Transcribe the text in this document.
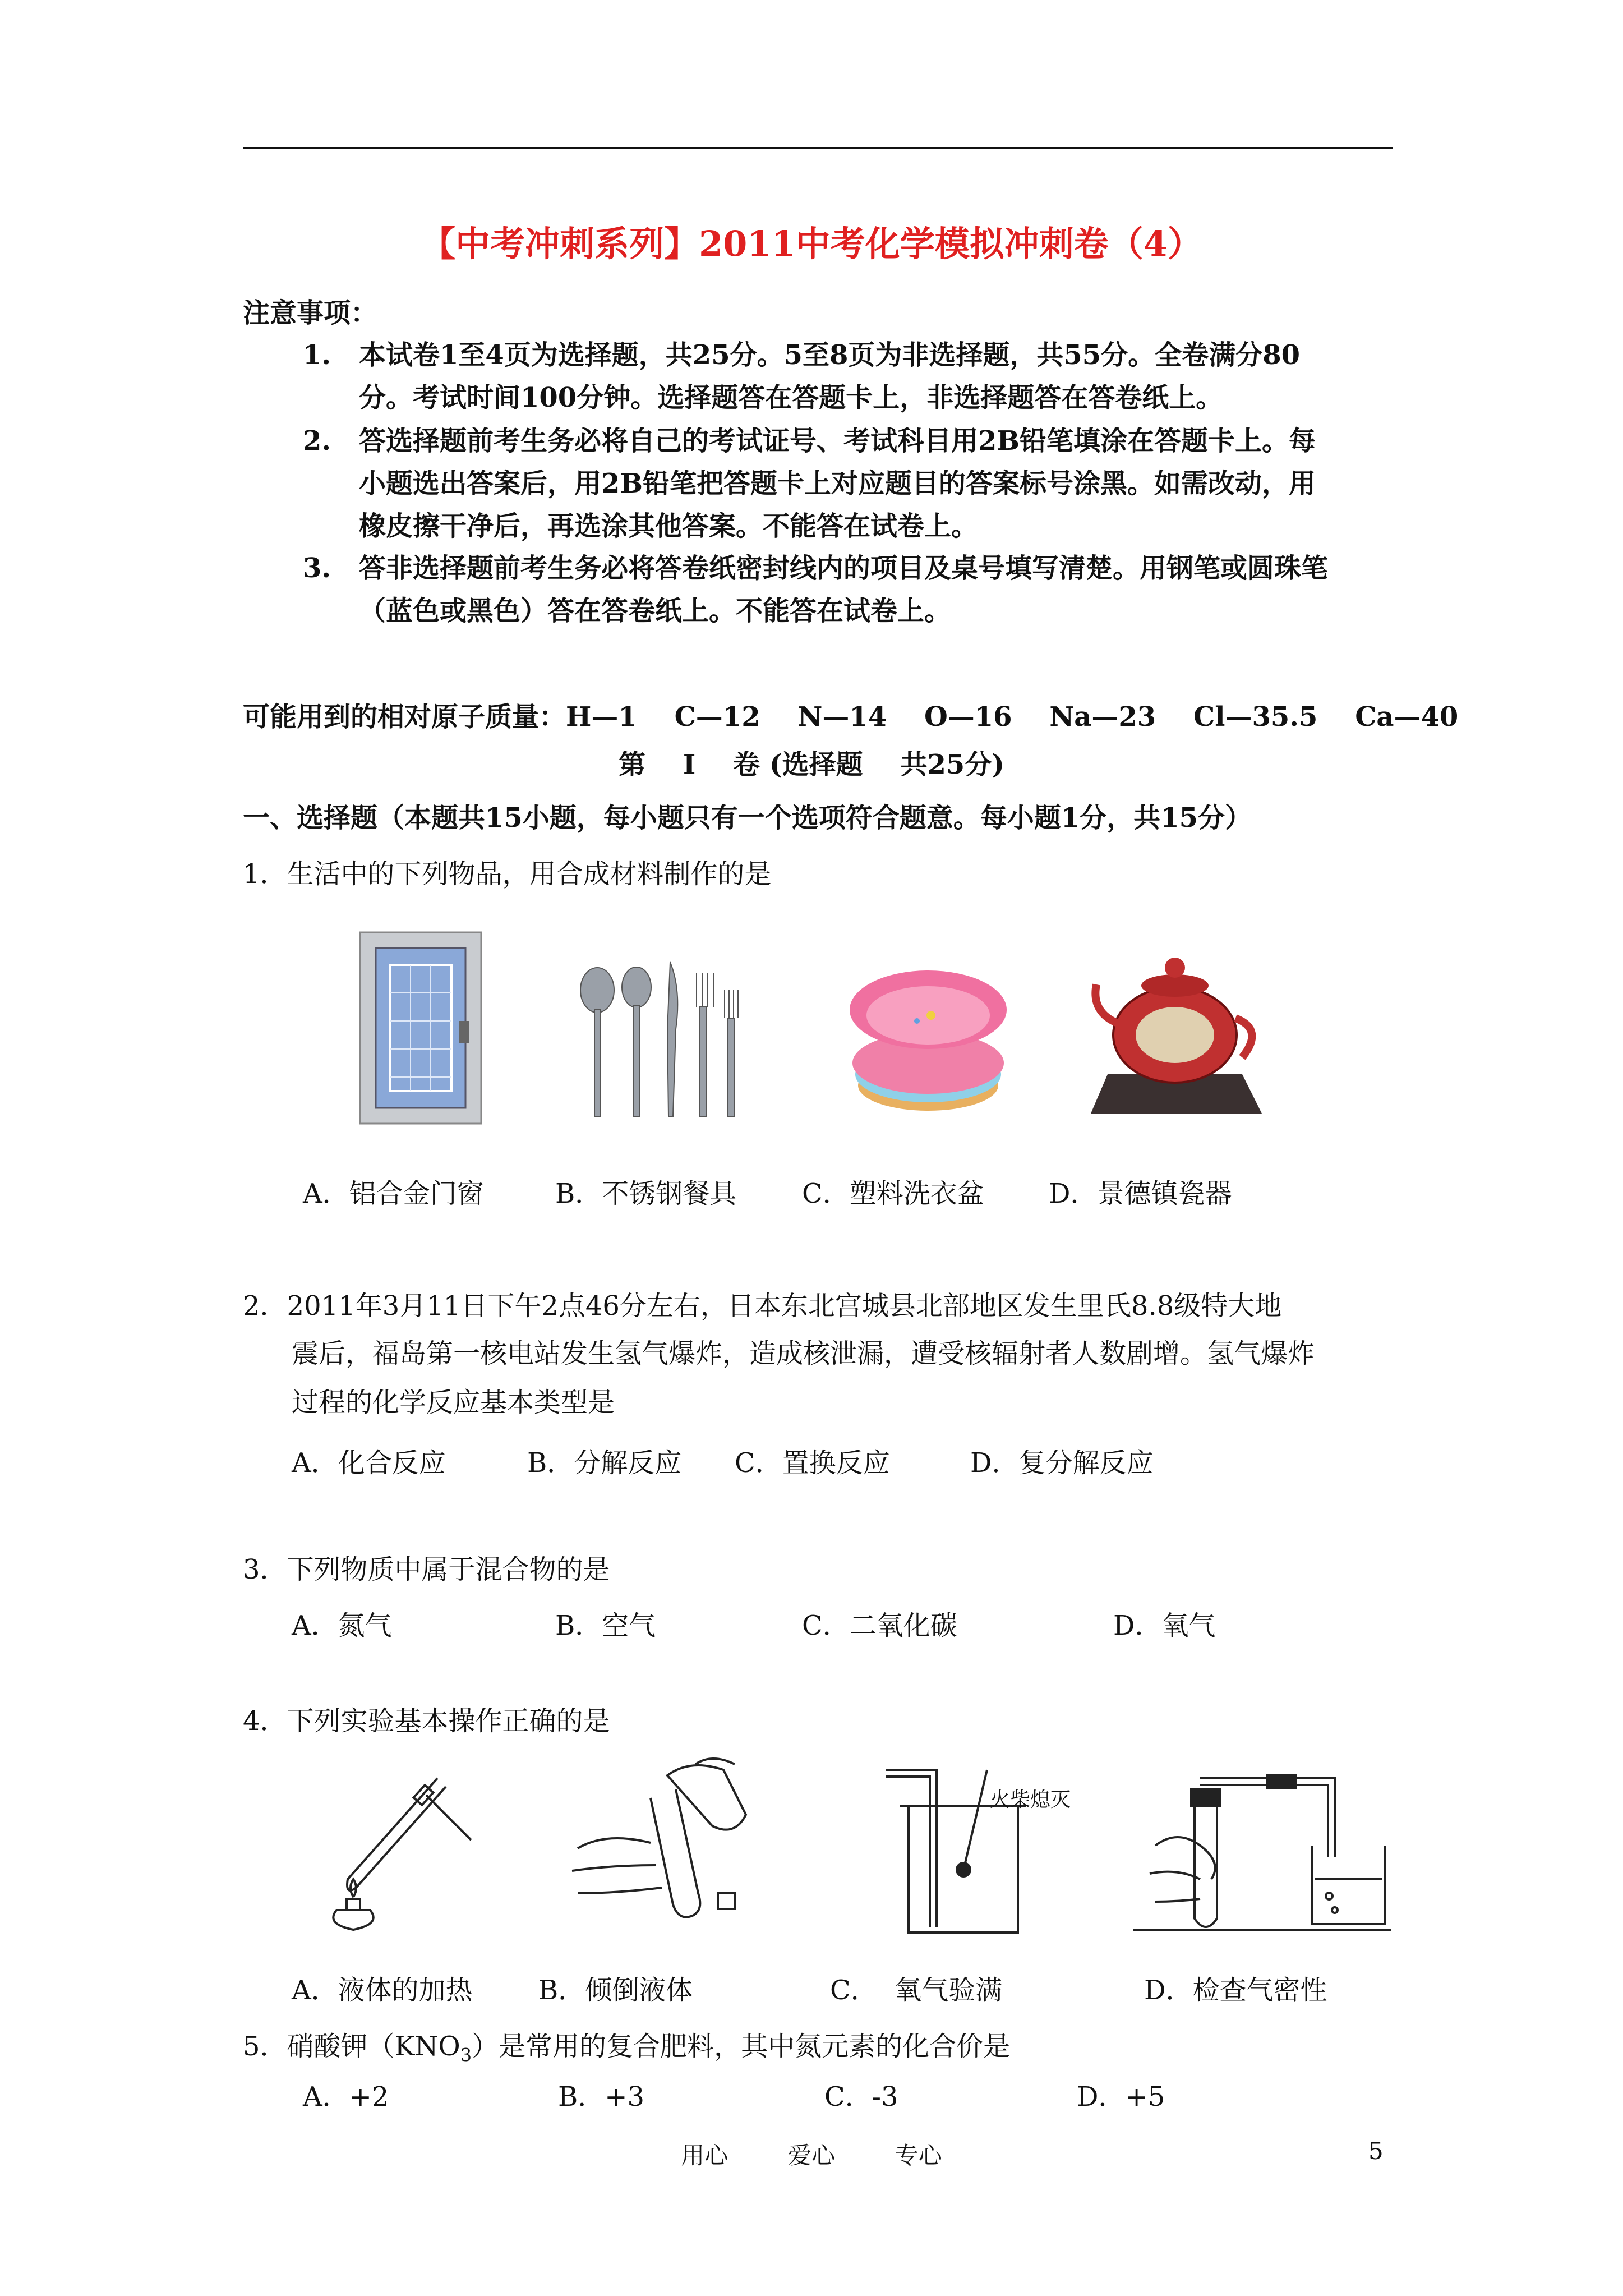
【中考冲刺系列】2011中考化学模拟冲刺卷（4）
注意事项：
1. 本试卷1至4页为选择题，共25分。5至8页为非选择题，共55分。全卷满分80
分。考试时间100分钟。选择题答在答题卡上，非选择题答在答卷纸上。
2. 答选择题前考生务必将自己的考试证号、考试科目用2B铅笔填涂在答题卡上。每
小题选出答案后，用2B铅笔把答题卡上对应题目的答案标号涂黑。如需改动，用
橡皮擦干净后，再选涂其他答案。不能答在试卷上。
3. 答非选择题前考生务必将答卷纸密封线内的项目及桌号填写清楚。用钢笔或圆珠笔
（蓝色或黑色）答在答卷纸上。不能答在试卷上。
可能用到的相对原子质量：H—1    C—12    N—14    O—16    Na—23    Cl—35.5    Ca—40
第    I    卷 (选择题    共25分)
一、选择题（本题共15小题，每小题只有一个选项符合题意。每小题1分，共15分）
1．生活中的下列物品，用合成材料制作的是
A．铝合金门窗	B．不锈钢餐具 C．塑料洗衣盆 D．景德镇瓷器
2．2011年3月11日下午2点46分左右，日本东北宫城县北部地区发生里氏8.8级特大地
震后，福岛第一核电站发生氢气爆炸，造成核泄漏，遭受核辐射者人数剧增。氢气爆炸
过程的化学反应基本类型是
A．化合反应	B．分解反应 C．置换反应	D．复分解反应
3．下列物质中属于混合物的是
A．氮气	B．空气	C．二氧化碳	D．氧气
4．下列实验基本操作正确的是
火柴熄灭
A．液体的加热 B．倾倒液体	C．  氧气验满	D．检查气密性
5．硝酸钾$(KNO_3)$是常用的复合肥料，其中氮元素的化合价是
A．+2	B．+3	C．-3	D．+5
用心        爱心        专心	5
